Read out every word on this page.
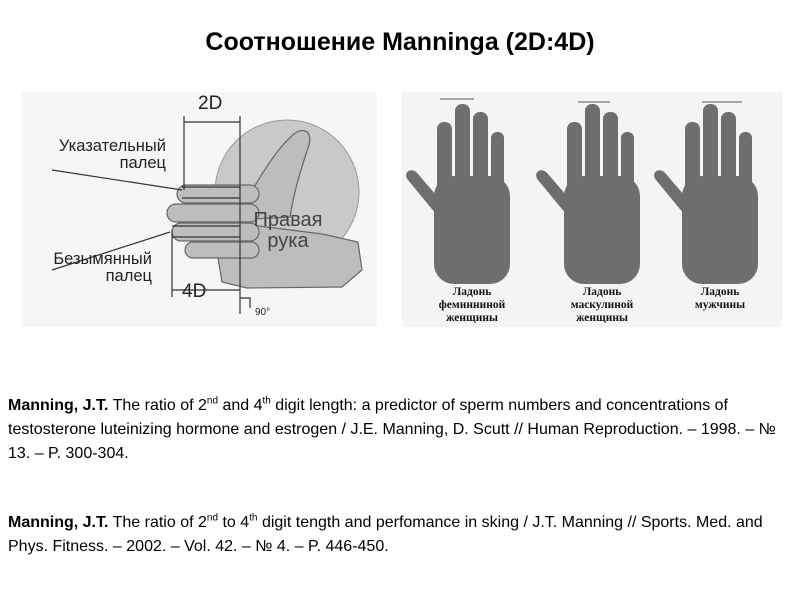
Соотношение Manninga (2D:4D)
2D
4D
Указательный
палец
Безымянный
палец
Правая
рука
90°
Ладонь
феминниной
женщины
Ладонь
маскулиной
женщины
Ладонь
мужчины
Manning, J.T. The ratio of 2nd and 4th digit length: a predictor of sperm numbers and concentrations of testosterone luteinizing hormone and estrogen / J.E. Manning, D. Scutt // Human Reproduction. – 1998. – № 13. – P. 300-304.
Manning, J.T. The ratio of 2nd to 4th digit tength and perfomance in sking / J.T. Manning // Sports. Med. and Phys. Fitness. – 2002. – Vol. 42. – № 4. – P. 446-450.
